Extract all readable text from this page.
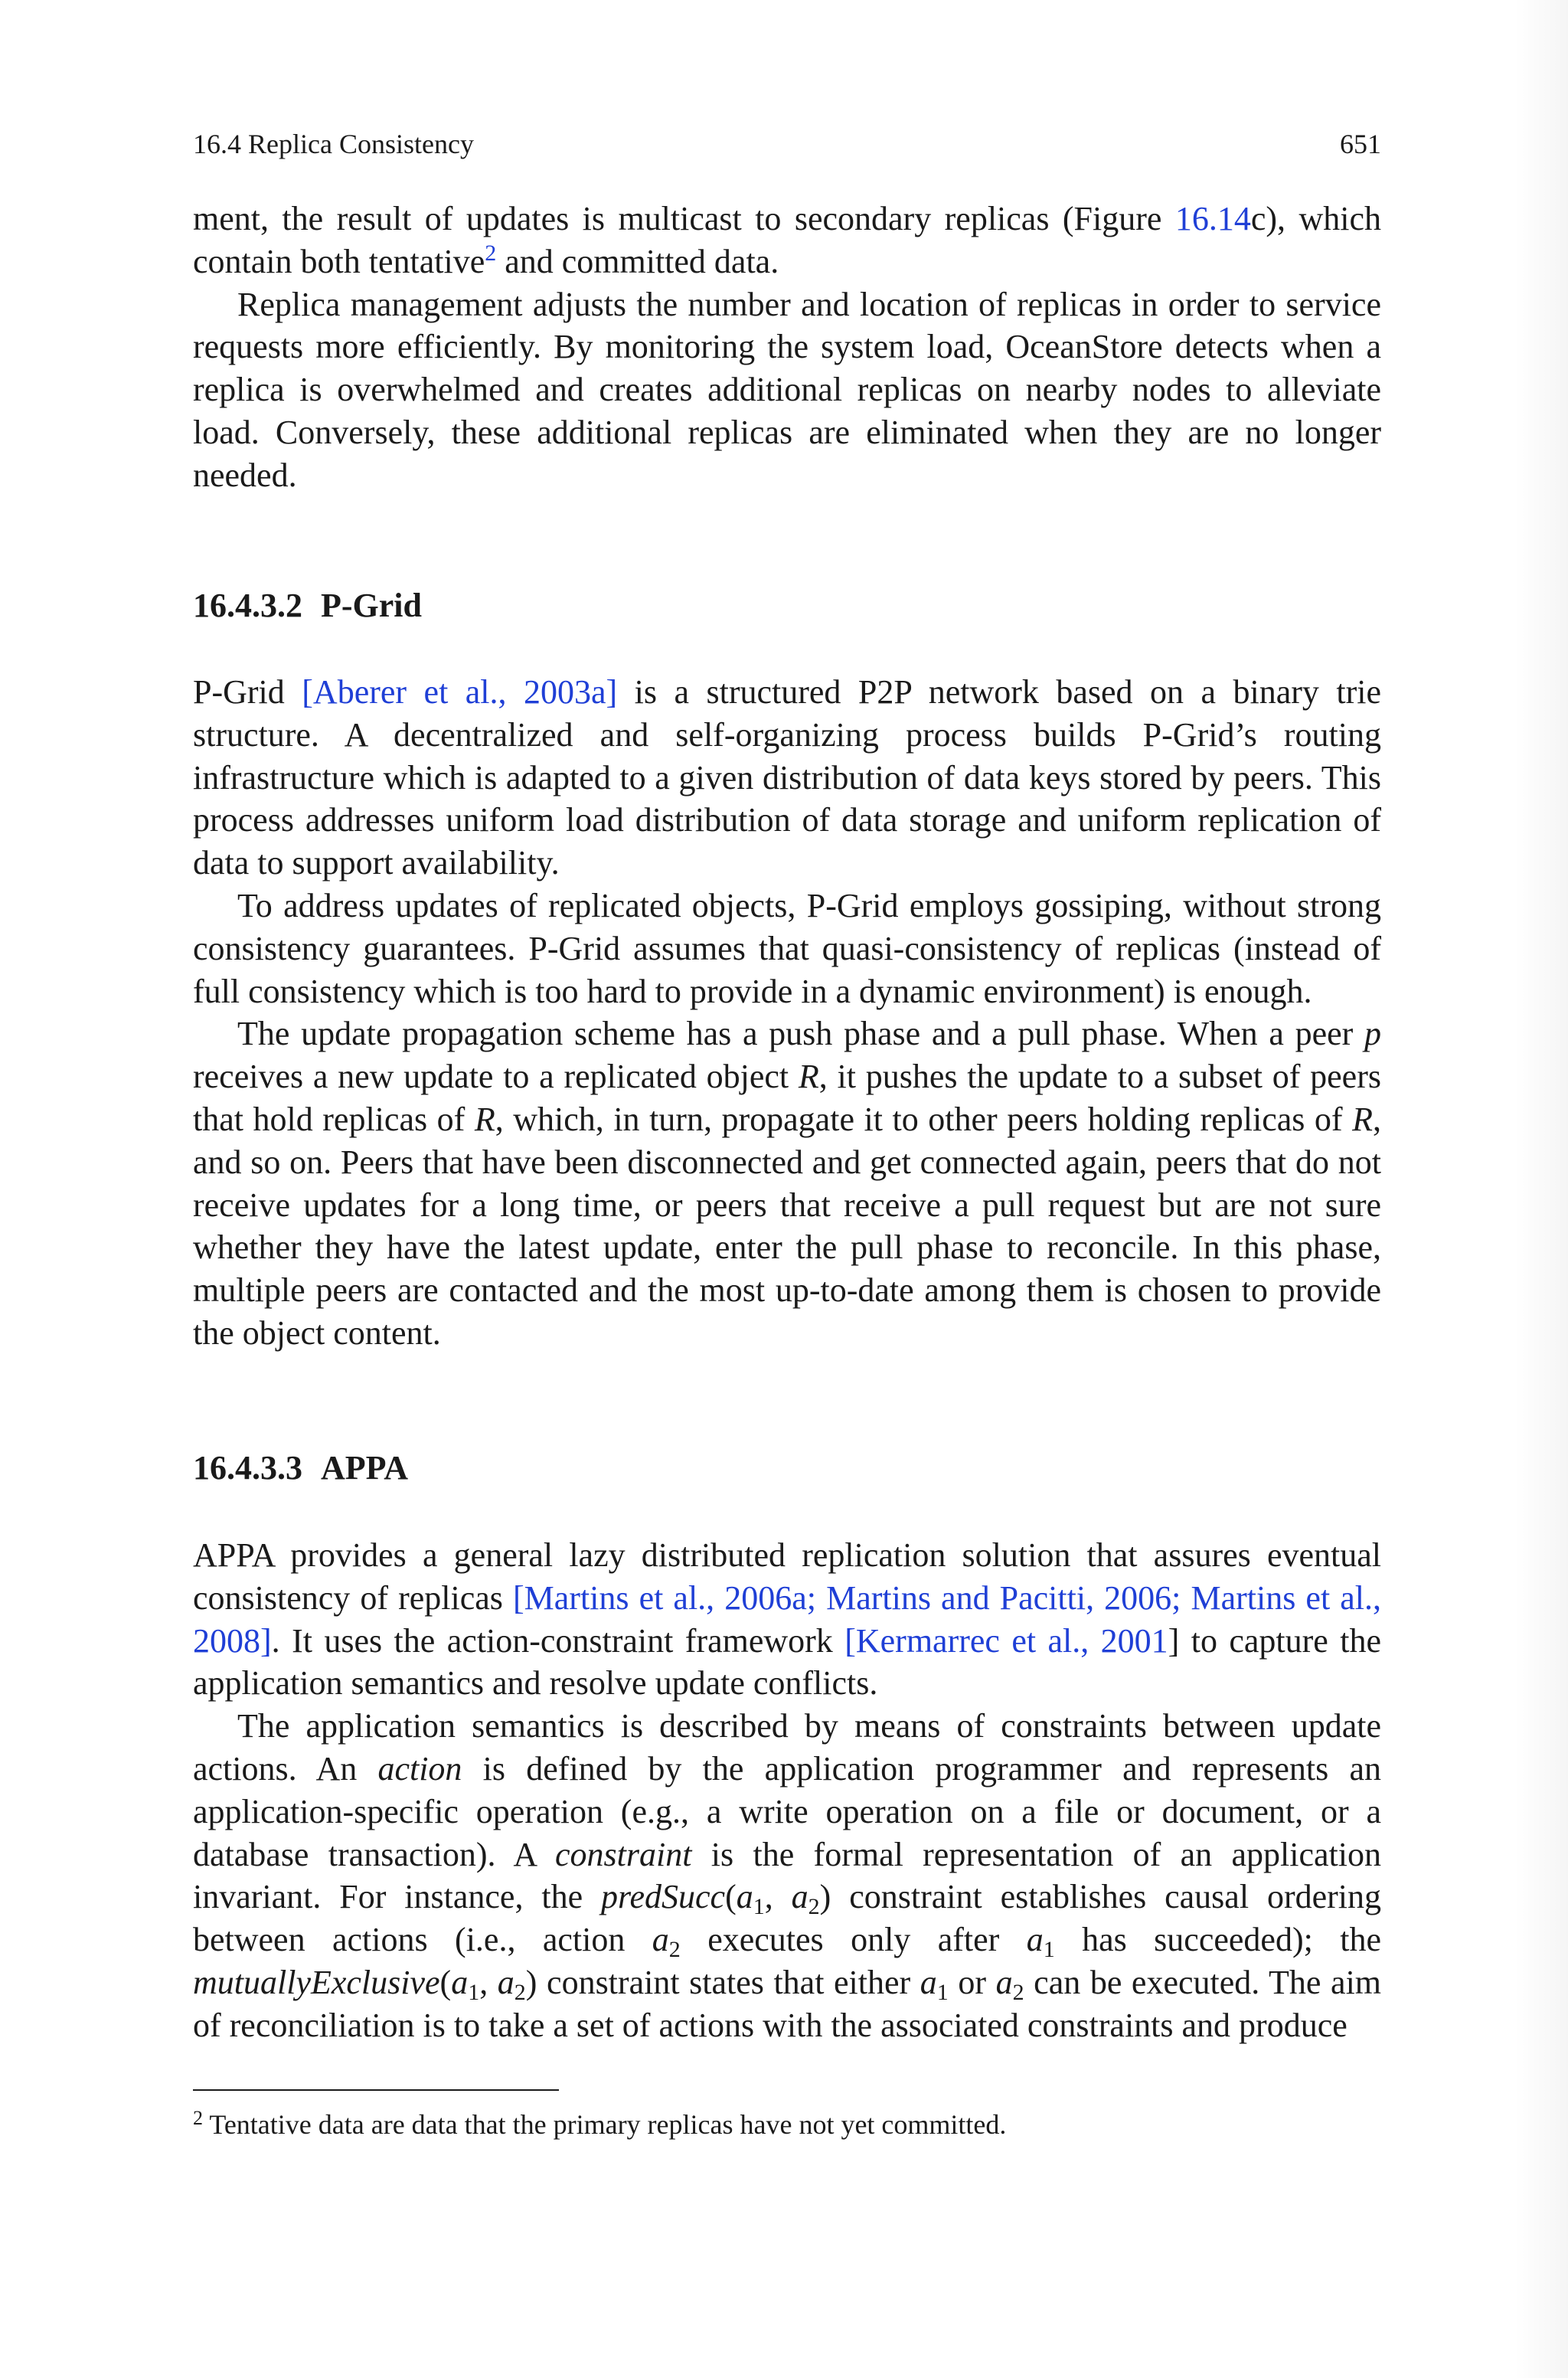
16.4 Replica Consistency	651

ment, the result of updates is multicast to secondary replicas (Figure 16.14c), which contain both tentative$^2$ and committed data.

Replica management adjusts the number and location of replicas in order to service requests more efficiently. By monitoring the system load, OceanStore detects when a replica is overwhelmed and creates additional replicas on nearby nodes to alleviate load. Conversely, these additional replicas are eliminated when they are no longer needed.

16.4.3.2 P-Grid

P-Grid [Aberer et al., 2003a] is a structured P2P network based on a binary trie structure. A decentralized and self-organizing process builds P-Grid’s routing infrastructure which is adapted to a given distribution of data keys stored by peers. This process addresses uniform load distribution of data storage and uniform replication of data to support availability.

To address updates of replicated objects, P-Grid employs gossiping, without strong consistency guarantees. P-Grid assumes that quasi-consistency of replicas (instead of full consistency which is too hard to provide in a dynamic environment) is enough.

The update propagation scheme has a push phase and a pull phase. When a peer p receives a new update to a replicated object R, it pushes the update to a subset of peers that hold replicas of R, which, in turn, propagate it to other peers holding replicas of R, and so on. Peers that have been disconnected and get connected again, peers that do not receive updates for a long time, or peers that receive a pull request but are not sure whether they have the latest update, enter the pull phase to reconcile. In this phase, multiple peers are contacted and the most up-to-date among them is chosen to provide the object content.

16.4.3.3 APPA

APPA provides a general lazy distributed replication solution that assures eventual consistency of replicas [Martins et al., 2006a; Martins and Pacitti, 2006; Martins et al., 2008]. It uses the action-constraint framework [Kermarrec et al., 2001] to capture the application semantics and resolve update conflicts.

The application semantics is described by means of constraints between update actions. An action is defined by the application programmer and represents an application-specific operation (e.g., a write operation on a file or document, or a database transaction). A constraint is the formal representation of an application invariant. For instance, the $predSucc(a_1$, $a_2$) constraint establishes causal ordering between actions (i.e., action $a_2$ executes only after $a_1$ has succeeded); the $mutuallyExclusive(a_1$, $a_2$) constraint states that either $a_1$ or $a_2$ can be executed. The aim of reconciliation is to take a set of actions with the associated constraints and produce

$^2$ Tentative data are data that the primary replicas have not yet committed.
